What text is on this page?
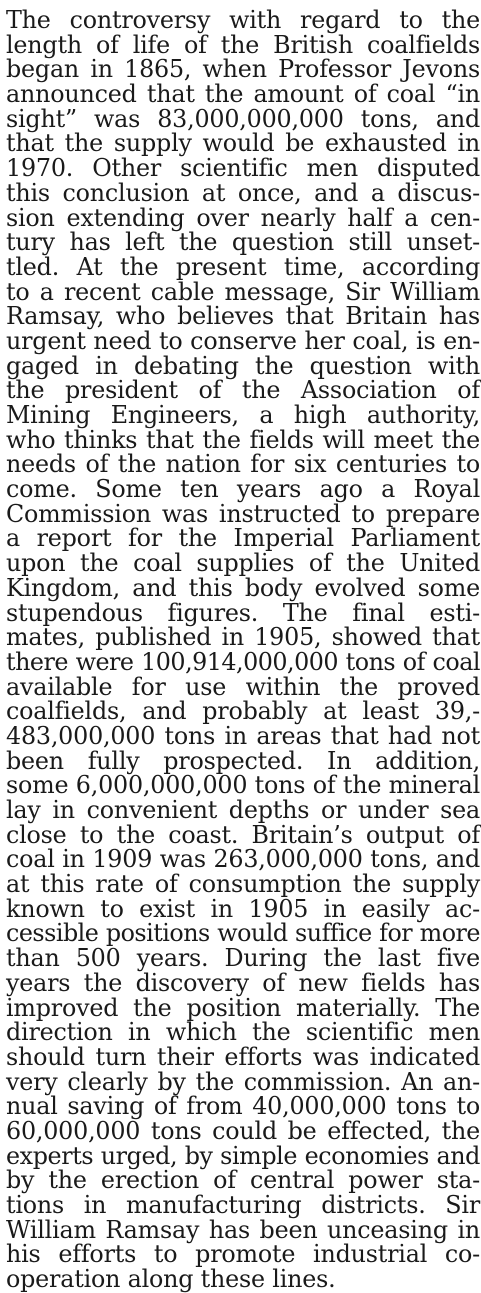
The controversy with regard to the
length of life of the British coalfields
began in 1865, when Professor Jevons
announced that the amount of coal “in
sight” was 83,000,000,000 tons, and
that the supply would be exhausted in
1970. Other scientific men disputed
this conclusion at once, and a discus-
sion extending over nearly half a cen-
tury has left the question still unset-
tled. At the present time, according
to a recent cable message, Sir William
Ramsay, who believes that Britain has
urgent need to conserve her coal, is en-
gaged in debating the question with
the president of the Association of
Mining Engineers, a high authority,
who thinks that the fields will meet the
needs of the nation for six centuries to
come. Some ten years ago a Royal
Commission was instructed to prepare
a report for the Imperial Parliament
upon the coal supplies of the United
Kingdom, and this body evolved some
stupendous figures. The final esti-
mates, published in 1905, showed that
there were 100,914,000,000 tons of coal
available for use within the proved
coalfields, and probably at least 39,-
483,000,000 tons in areas that had not
been fully prospected. In addition,
some 6,000,000,000 tons of the mineral
lay in convenient depths or under sea
close to the coast. Britain’s output of
coal in 1909 was 263,000,000 tons, and
at this rate of consumption the supply
known to exist in 1905 in easily ac-
cessible positions would suffice for more
than 500 years. During the last five
years the discovery of new fields has
improved the position materially. The
direction in which the scientific men
should turn their efforts was indicated
very clearly by the commission. An an-
nual saving of from 40,000,000 tons to
60,000,000 tons could be effected, the
experts urged, by simple economies and
by the erection of central power sta-
tions in manufacturing districts. Sir
William Ramsay has been unceasing in
his efforts to promote industrial co-
operation along these lines.
